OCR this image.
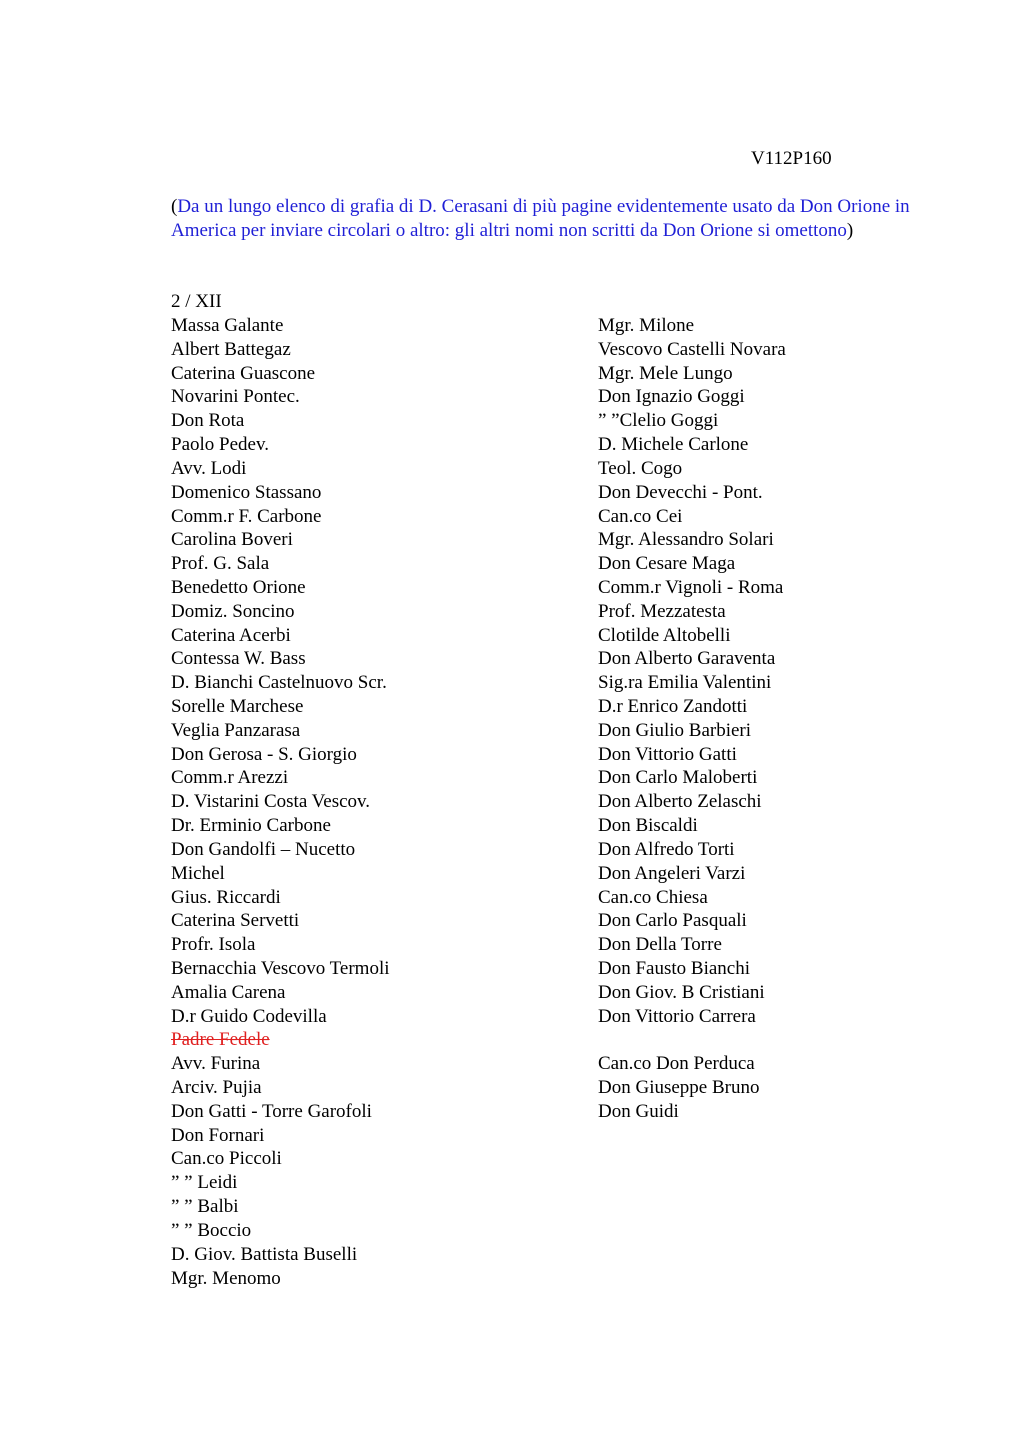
V112P160
(Da un lungo elenco di grafia di D. Cerasani di più pagine evidentemente usato da Don Orione in America per inviare circolari o altro: gli altri nomi non scritti da Don Orione si omettono)
2 / XII
Massa Galante
Albert Battegaz
Caterina Guascone
Novarini Pontec.
Don Rota
Paolo Pedev.
Avv. Lodi
Domenico Stassano
Comm.r F. Carbone
Carolina Boveri
Prof. G. Sala
Benedetto Orione
Domiz. Soncino
Caterina Acerbi
Contessa W. Bass
D. Bianchi Castelnuovo Scr.
Sorelle Marchese
Veglia Panzarasa
Don Gerosa - S. Giorgio
Comm.r Arezzi
D. Vistarini Costa Vescov.
Dr. Erminio Carbone
Don Gandolfi – Nucetto
Michel
Gius. Riccardi
Caterina Servetti
Profr. Isola
Bernacchia Vescovo Termoli
Amalia Carena
D.r Guido Codevilla
Padre Fedele
Avv. Furina
Arciv. Pujia
Don Gatti - Torre Garofoli
Don Fornari
Can.co Piccoli
” ” Leidi
” ” Balbi
” ” Boccio
D. Giov. Battista Buselli
Mgr. Menomo
Mgr. Milone
Vescovo Castelli Novara
Mgr. Mele Lungo
Don Ignazio Goggi
” ”Clelio Goggi
D. Michele Carlone
Teol. Cogo
Don Devecchi - Pont.
Can.co Cei
Mgr. Alessandro Solari
Don Cesare Maga
Comm.r Vignoli - Roma
Prof. Mezzatesta
Clotilde Altobelli
Don Alberto Garaventa
Sig.ra Emilia Valentini
D.r Enrico Zandotti
Don Giulio Barbieri
Don Vittorio Gatti
Don Carlo Maloberti
Don Alberto Zelaschi
Don Biscaldi
Don Alfredo Torti
Don Angeleri Varzi
Can.co Chiesa
Don Carlo Pasquali
Don Della Torre
Don Fausto Bianchi
Don Giov. B Cristiani
Don Vittorio Carrera
Can.co Don Perduca
Don Giuseppe Bruno
Don Guidi
